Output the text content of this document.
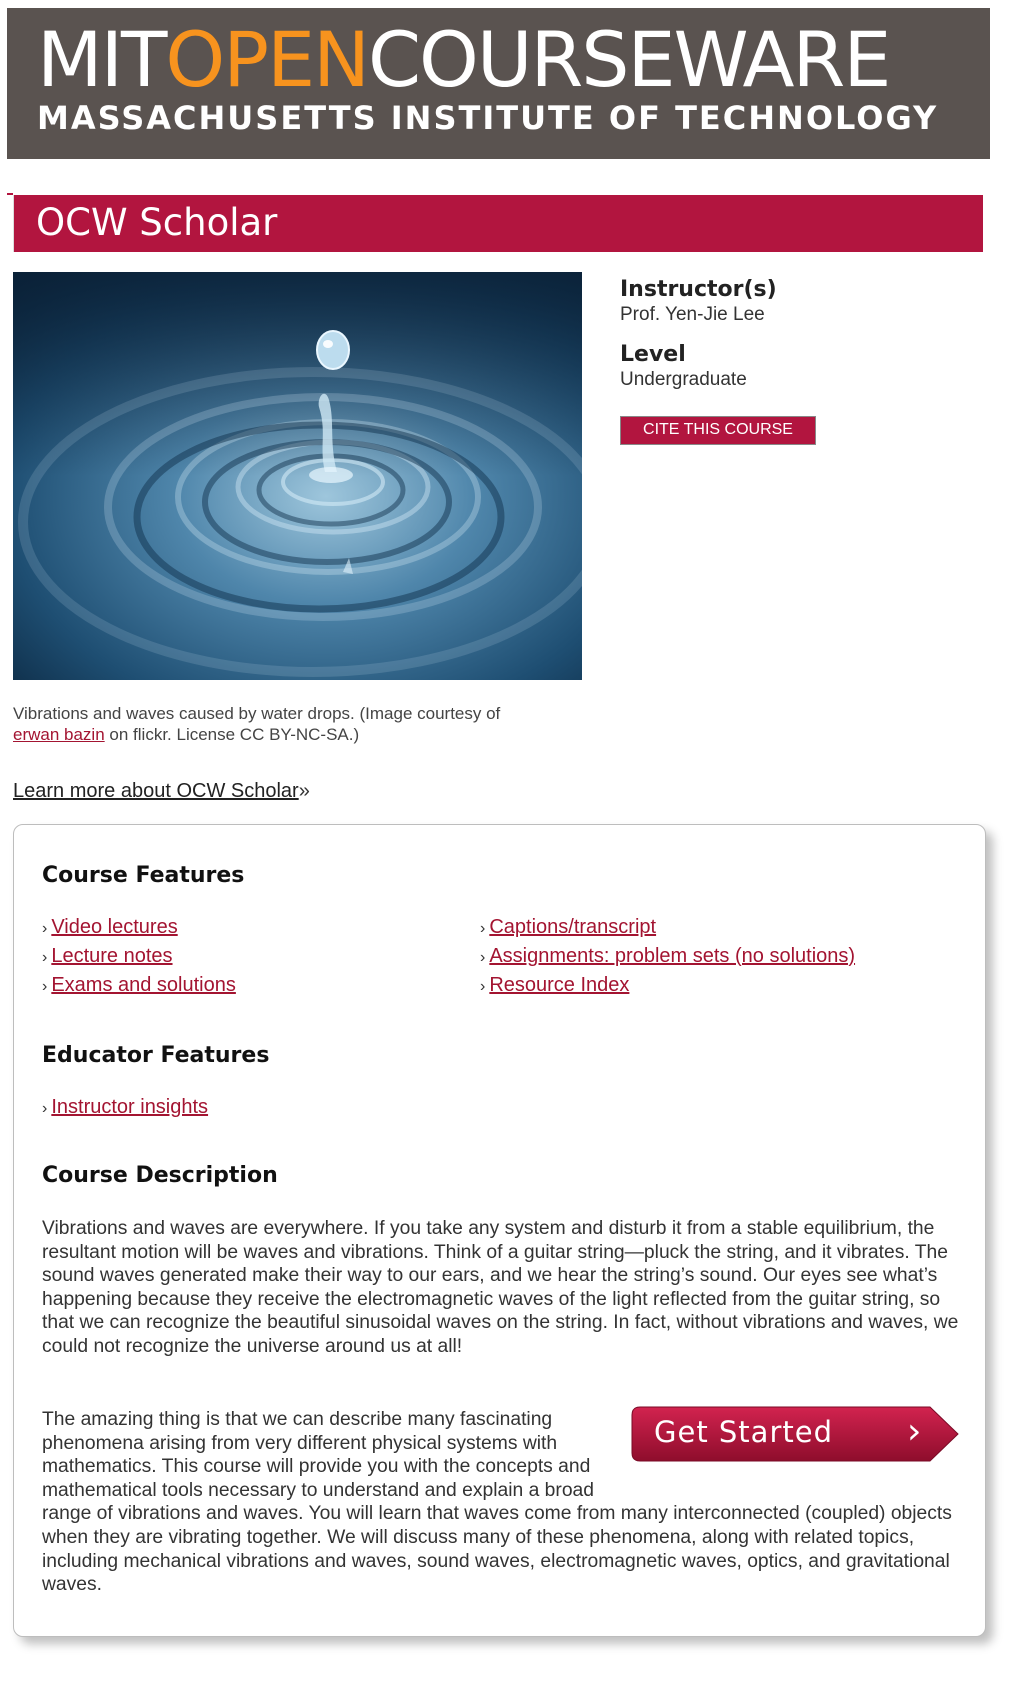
MITOPENCOURSEWARE
MASSACHUSETTS INSTITUTE OF TECHNOLOGY
OCW Scholar
Vibrations and waves caused by water drops. (Image courtesy of
erwan bazin on flickr. License CC BY-NC-SA.)
Instructor(s)
Prof. Yen-Jie Lee
Level
Undergraduate
CITE THIS COURSE
Learn more about OCW Scholar»
Course Features
› Video lectures
› Lecture notes
› Exams and solutions
› Captions/transcript
› Assignments: problem sets (no solutions)
› Resource Index
Educator Features
› Instructor insights
Course Description
Vibrations and waves are everywhere. If you take any system and disturb it from a stable equilibrium, the resultant motion will be waves and vibrations. Think of a guitar string—pluck the string, and it vibrates. The sound waves generated make their way to our ears, and we hear the string’s sound. Our eyes see what’s happening because they receive the electromagnetic waves of the light reflected from the guitar string, so that we can recognize the beautiful sinusoidal waves on the string. In fact, without vibrations and waves, we could not recognize the universe around us at all!
The amazing thing is that we can describe many fascinating phenomena arising from very different physical systems with mathematics. This course will provide you with the concepts and mathematical tools necessary to understand and explain a broad range of vibrations and waves. You will learn that waves come from many interconnected (coupled) objects when they are vibrating together. We will discuss many of these phenomena, along with related topics, including mechanical vibrations and waves, sound waves, electromagnetic waves, optics, and gravitational waves.
Get Started ›
